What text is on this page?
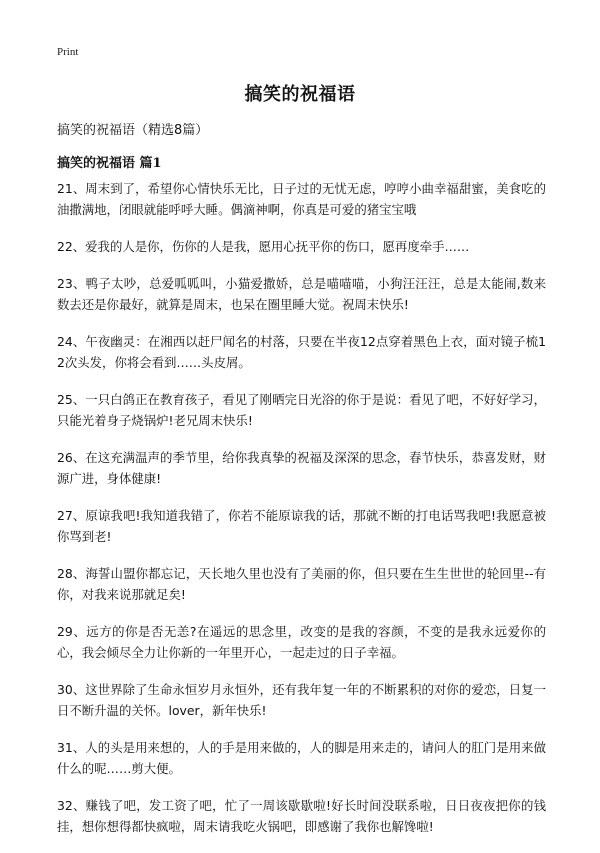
Print
搞笑的祝福语
搞笑的祝福语（精选8篇）
搞笑的祝福语 篇1
21、周末到了，希望你心情快乐无比，日子过的无忧无虑，哼哼小曲幸福甜蜜，美食吃的油撒满地，闭眼就能呼呼大睡。偶滴神啊，你真是可爱的猪宝宝哦
22、爱我的人是你，伤你的人是我，愿用心抚平你的伤口，愿再度牵手……
23、鸭子太吵，总爱呱呱叫，小猫爱撒娇，总是喵喵喵，小狗汪汪汪，总是太能闹,数来数去还是你最好，就算是周末，也呆在圈里睡大觉。祝周末快乐!
24、午夜幽灵：在湘西以赶尸闻名的村落，只要在半夜12点穿着黑色上衣，面对镜子梳12次头发，你将会看到……头皮屑。
25、一只白鸽正在教育孩子，看见了刚晒完日光浴的你于是说：看见了吧，不好好学习，只能光着身子烧锅炉!老兄周末快乐!
26、在这充满温声的季节里，给你我真挚的祝福及深深的思念，春节快乐，恭喜发财，财源广进，身体健康!
27、原谅我吧!我知道我错了，你若不能原谅我的话，那就不断的打电话骂我吧!我愿意被你骂到老!
28、海誓山盟你都忘记，天长地久里也没有了美丽的你，但只要在生生世世的轮回里--有你，对我来说那就足矣!
29、远方的你是否无恙?在遥远的思念里，改变的是我的容颜，不变的是我永远爱你的心，我会倾尽全力让你新的一年里开心，一起走过的日子幸福。
30、这世界除了生命永恒岁月永恒外，还有我年复一年的不断累积的对你的爱恋，日复一日不断升温的关怀。lover，新年快乐!
31、人的头是用来想的，人的手是用来做的，人的脚是用来走的，请问人的肛门是用来做什么的呢……剪大便。
32、赚钱了吧，发工资了吧，忙了一周该歇歇啦!好长时间没联系啦，日日夜夜把你的钱挂，想你想得都快疯啦，周末请我吃火锅吧，即感谢了我你也解馋啦!
